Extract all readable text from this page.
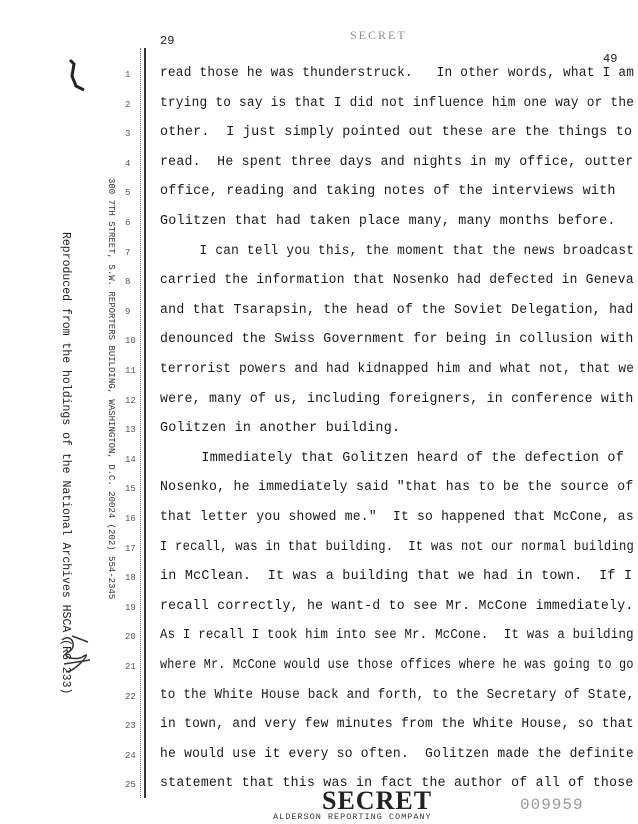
29	SECRET
49
Reproduced from the holdings of the National Archives HSCA (RG 233)	300 7TH STREET, S.W. REPORTERS BUILDING, WASHINGTON, D.C. 20024 (202) 554-2345
1
2
3
4
5
6
7
8
9
10
11
12
13
14
15
16
17
18
19
20
21
22
23
24
25
read those he was thunderstruck.   In other words, what I am
trying to say is that I did not influence him one way or the
other.  I just simply pointed out these are the things to
read.  He spent three days and nights in my office, outter
office, reading and taking notes of the interviews with
Golitzen that had taken place many, many months before.
I can tell you this, the moment that the news broadcast
carried the information that Nosenko had defected in Geneva
and that Tsarapsin, the head of the Soviet Delegation, had
denounced the Swiss Government for being in collusion with
terrorist powers and had kidnapped him and what not, that we
were, many of us, including foreigners, in conference with
Golitzen in another building.
Immediately that Golitzen heard of the defection of
Nosenko, he immediately said "that has to be the source of
that letter you showed me."  It so happened that McCone, as
I recall, was in that building.  It was not our normal building
in McClean.  It was a building that we had in town.  If I
recall correctly, he want-d to see Mr. McCone immediately.
As I recall I took him into see Mr. McCone.  It was a building
where Mr. McCone would use those offices where he was going to go
to the White House back and forth, to the Secretary of State,
in town, and very few minutes from the White House, so that
he would use it every so often.  Golitzen made the definite
statement that this was in fact the author of all of those
SECRET
ALDERSON REPORTING COMPANY
009959
